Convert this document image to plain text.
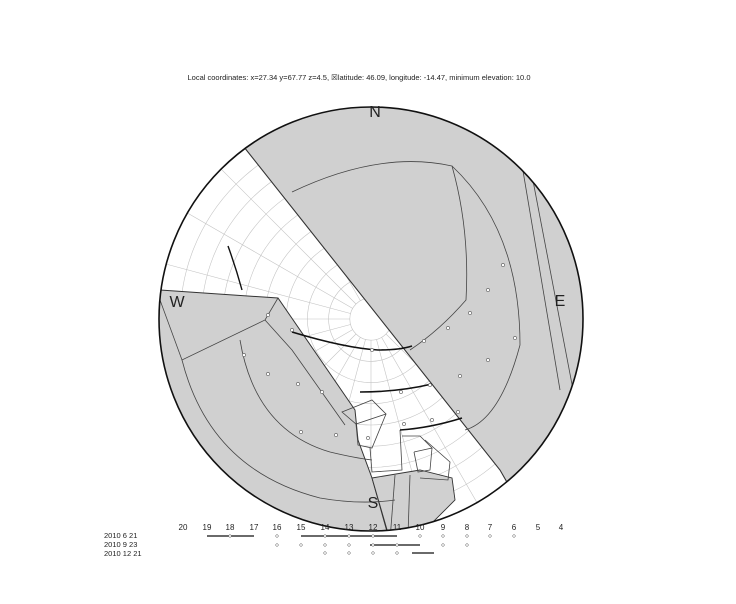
Local coordinates: x=27.34 y=67.77 z=4.5, ☒latitude: 46.09, longitude: -14.47, minimum elevation: 10.0
N
S
E
W
20 19 18 17 16 15 14 13 12 11 10 9 8 7 6 5 4
2010 6 21
2010 9 23
2010 12 21
